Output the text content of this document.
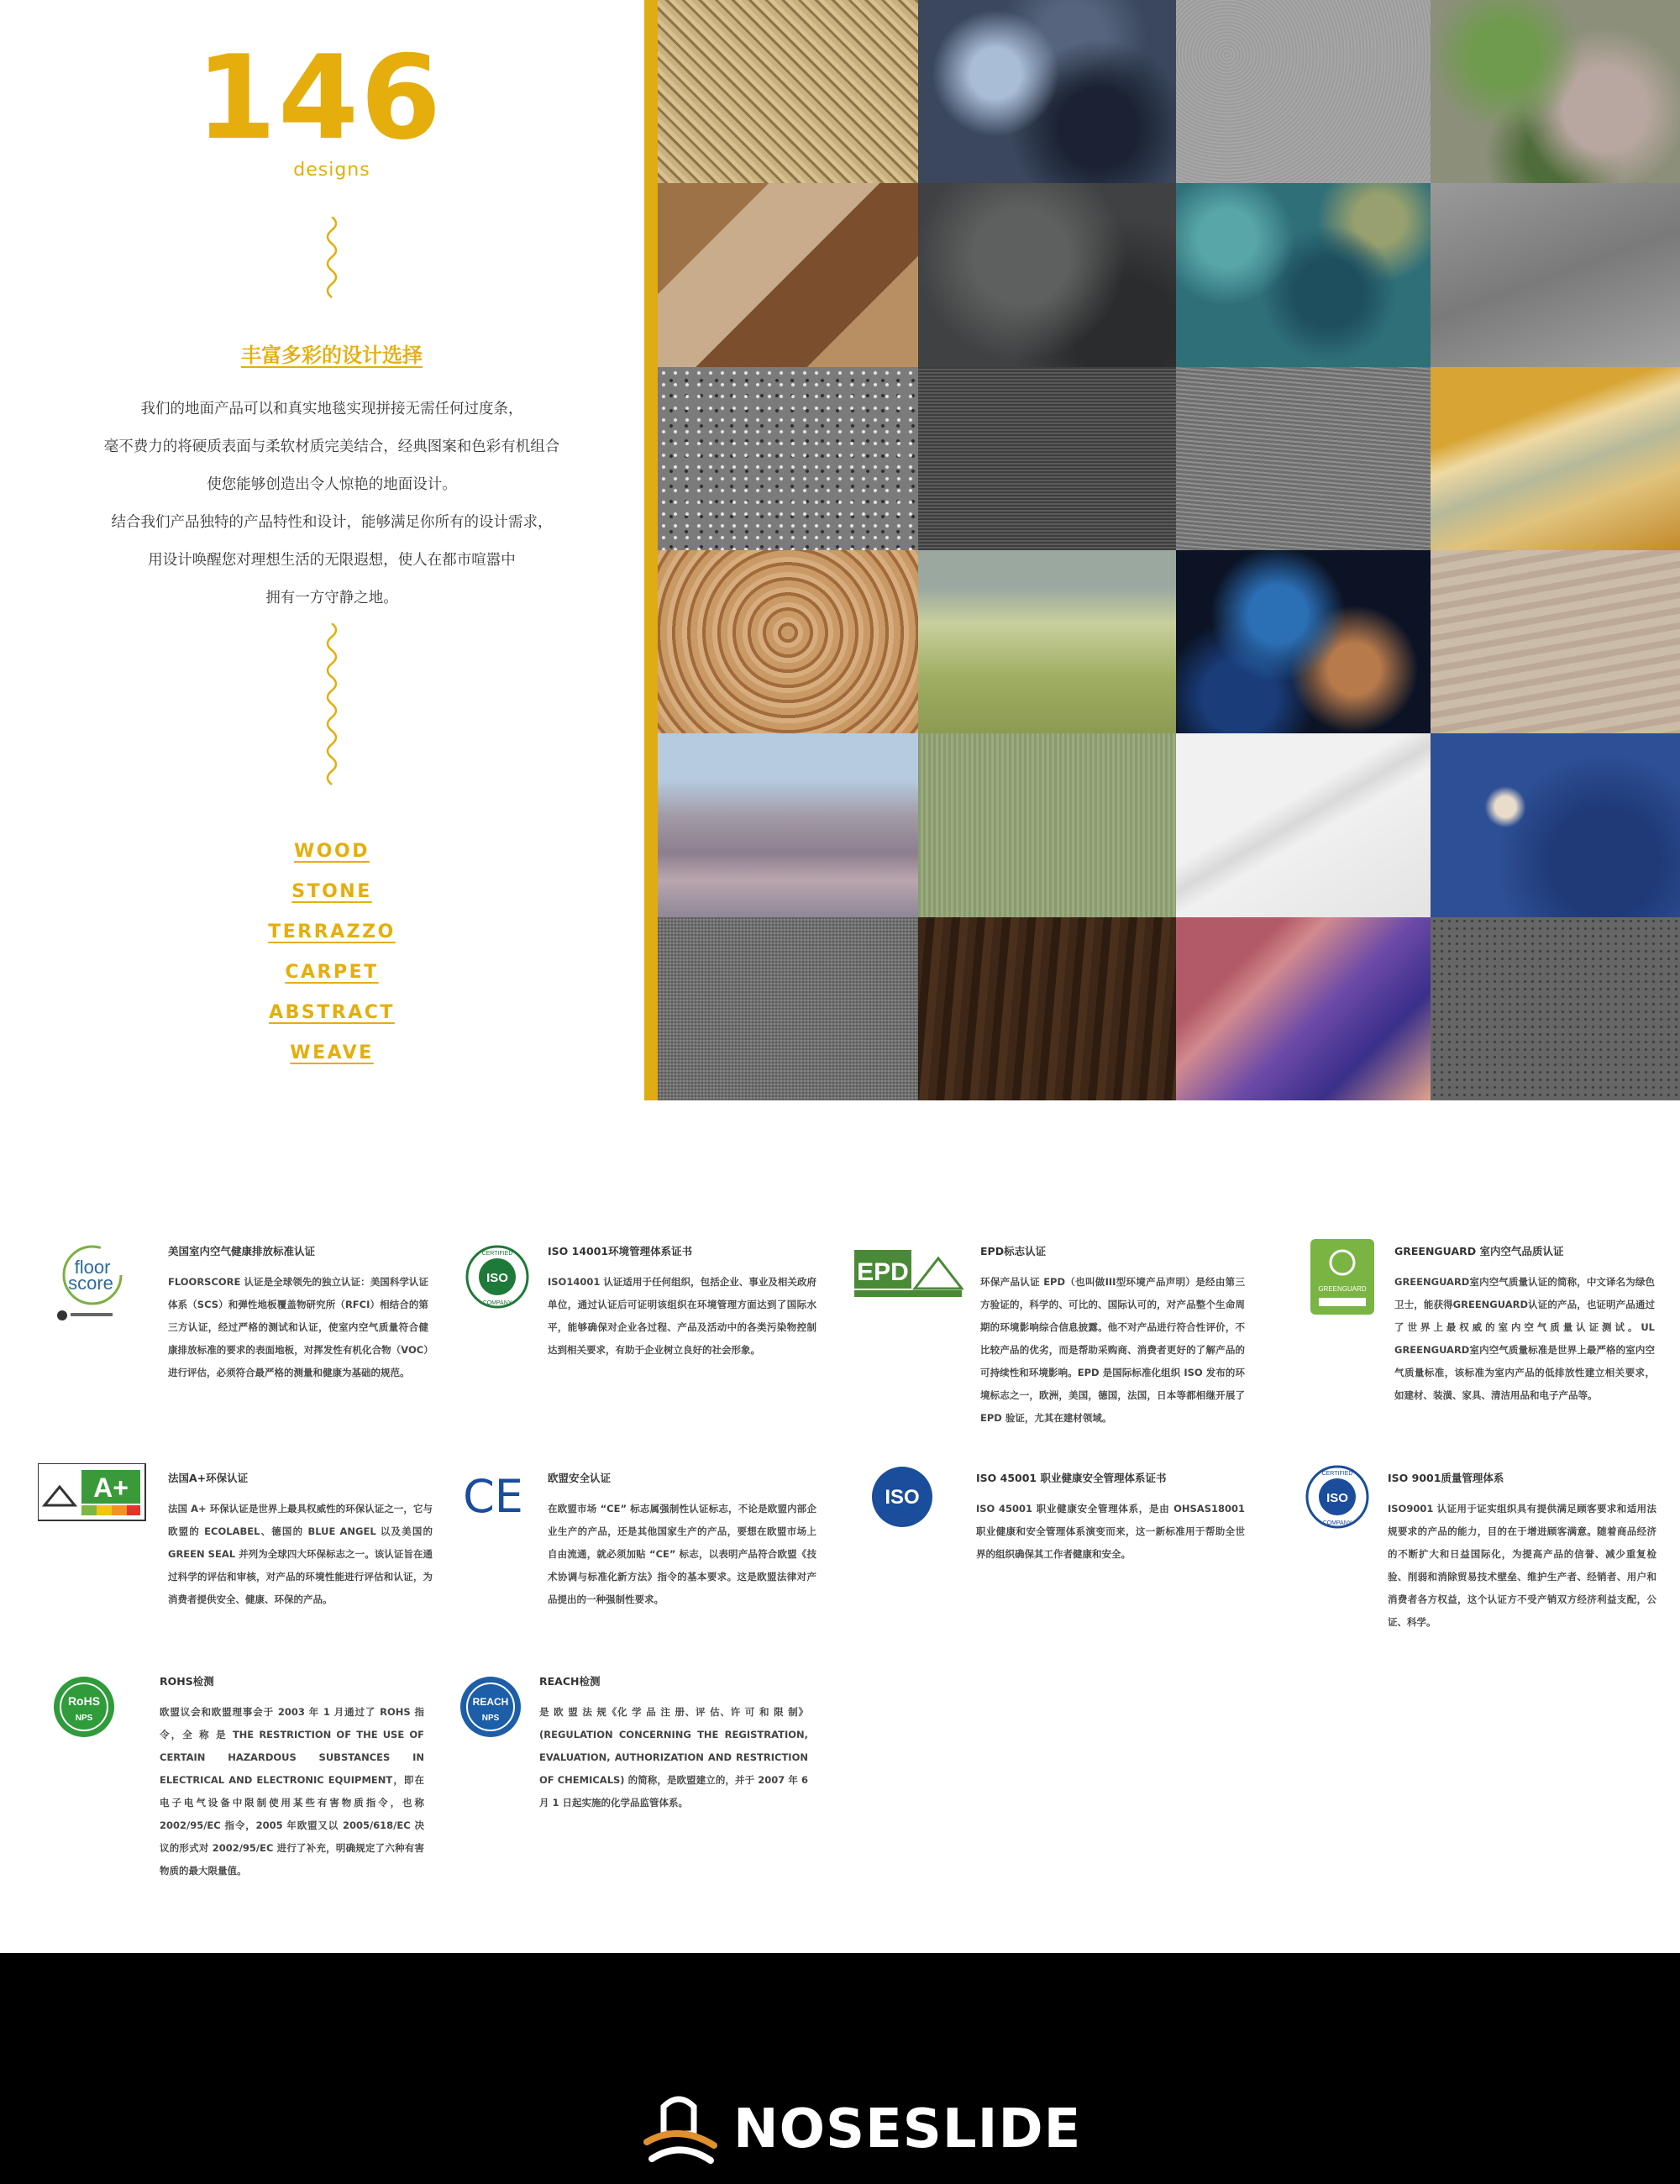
146
designs
丰富多彩的设计选择
我们的地面产品可以和真实地毯实现拼接无需任何过度条，
毫不费力的将硬质表面与柔软材质完美结合，经典图案和色彩有机组合
使您能够创造出令人惊艳的地面设计。
结合我们产品独特的产品特性和设计，能够满足你所有的设计需求，
用设计唤醒您对理想生活的无限遐想，使人在都市喧嚣中
拥有一方守静之地。
WOOD
STONE
TERRAZZO
CARPET
ABSTRACT
WEAVE
floor
score
美国室内空气健康排放标准认证
FLOORSCORE 认证是全球领先的独立认证：美国科学认证体系（SCS）和弹性地板覆盖物研究所（RFCI）相结合的第三方认证，经过严格的测试和认证，使室内空气质量符合健康排放标准的要求的表面地板，对挥发性有机化合物（VOC）进行评估，必须符合最严格的测量和健康为基础的规范。
ISO
CERTIFIED
COMPANY
ISO 14001环境管理体系证书
ISO14001 认证适用于任何组织，包括企业、事业及相关政府单位，通过认证后可证明该组织在环境管理方面达到了国际水平，能够确保对企业各过程、产品及活动中的各类污染物控制达到相关要求，有助于企业树立良好的社会形象。
EPD
EPD标志认证
环保产品认证 EPD（也叫做III型环境产品声明）是经由第三方验证的，科学的、可比的、国际认可的，对产品整个生命周期的环境影响综合信息披露。他不对产品进行符合性评价，不比较产品的优劣，而是帮助采购商、消费者更好的了解产品的可持续性和环境影响。EPD 是国际标准化组织 ISO 发布的环境标志之一，欧洲，美国，德国，法国，日本等都相继开展了 EPD 验证，尤其在建材领域。
GREENGUARD
GREENGUARD 室内空气品质认证
GREENGUARD室内空气质量认证的简称，中文译名为绿色卫士，能获得GREENGUARD认证的产品，也证明产品通过了世界上最权威的室内空气质量认证测试。UL GREENGUARD室内空气质量标准是世界上最严格的室内空气质量标准，该标准为室内产品的低排放性建立相关要求，如建材、装潢、家具、清洁用品和电子产品等。
A+	法国A+环保认证
法国 A+ 环保认证是世界上最具权威性的环保认证之一，它与欧盟的 ECOLABEL、德国的 BLUE ANGEL 以及美国的 GREEN SEAL 并列为全球四大环保标志之一。该认证旨在通过科学的评估和审核，对产品的环境性能进行评估和认证，为消费者提供安全、健康、环保的产品。
CE 欧盟安全认证
在欧盟市场 “CE” 标志属强制性认证标志，不论是欧盟内部企业生产的产品，还是其他国家生产的产品，要想在欧盟市场上自由流通，就必须加贴 “CE” 标志，以表明产品符合欧盟《技术协调与标准化新方法》指令的基本要求。这是欧盟法律对产品提出的一种强制性要求。
ISO
ISO 45001 职业健康安全管理体系证书
ISO 45001 职业健康安全管理体系，是由 OHSAS18001 职业健康和安全管理体系演变而来，这一新标准用于帮助全世界的组织确保其工作者健康和安全。
ISO
CERTIFIED
COMPANY
ISO 9001质量管理体系
ISO9001 认证用于证实组织具有提供满足顾客要求和适用法规要求的产品的能力，目的在于增进顾客满意。随着商品经济的不断扩大和日益国际化，为提高产品的信誉、减少重复检验、削弱和消除贸易技术壁垒、维护生产者、经销者、用户和消费者各方权益，这个认证方不受产销双方经济利益支配，公证、科学。
RoHS
NPS
ROHS检测
欧盟议会和欧盟理事会于 2003 年 1 月通过了 ROHS 指令，全 称 是 THE RESTRICTION OF THE USE OF CERTAIN HAZARDOUS SUBSTANCES IN ELECTRICAL AND ELECTRONIC EQUIPMENT，即在电子电气设备中限制使用某些有害物质指令，也称 2002/95/EC 指令，2005 年欧盟又以 2005/618/EC 决议的形式对 2002/95/EC 进行了补充，明确规定了六种有害物质的最大限量值。
REACH
NPS
REACH检测
是 欧 盟 法 规《化 学 品 注 册、评 估、许 可 和 限 制》(REGULATION CONCERNING THE REGISTRATION, EVALUATION, AUTHORIZATION AND RESTRICTION OF CHEMICALS) 的简称，是欧盟建立的，并于 2007 年 6 月 1 日起实施的化学品监管体系。
NOSESLIDE
